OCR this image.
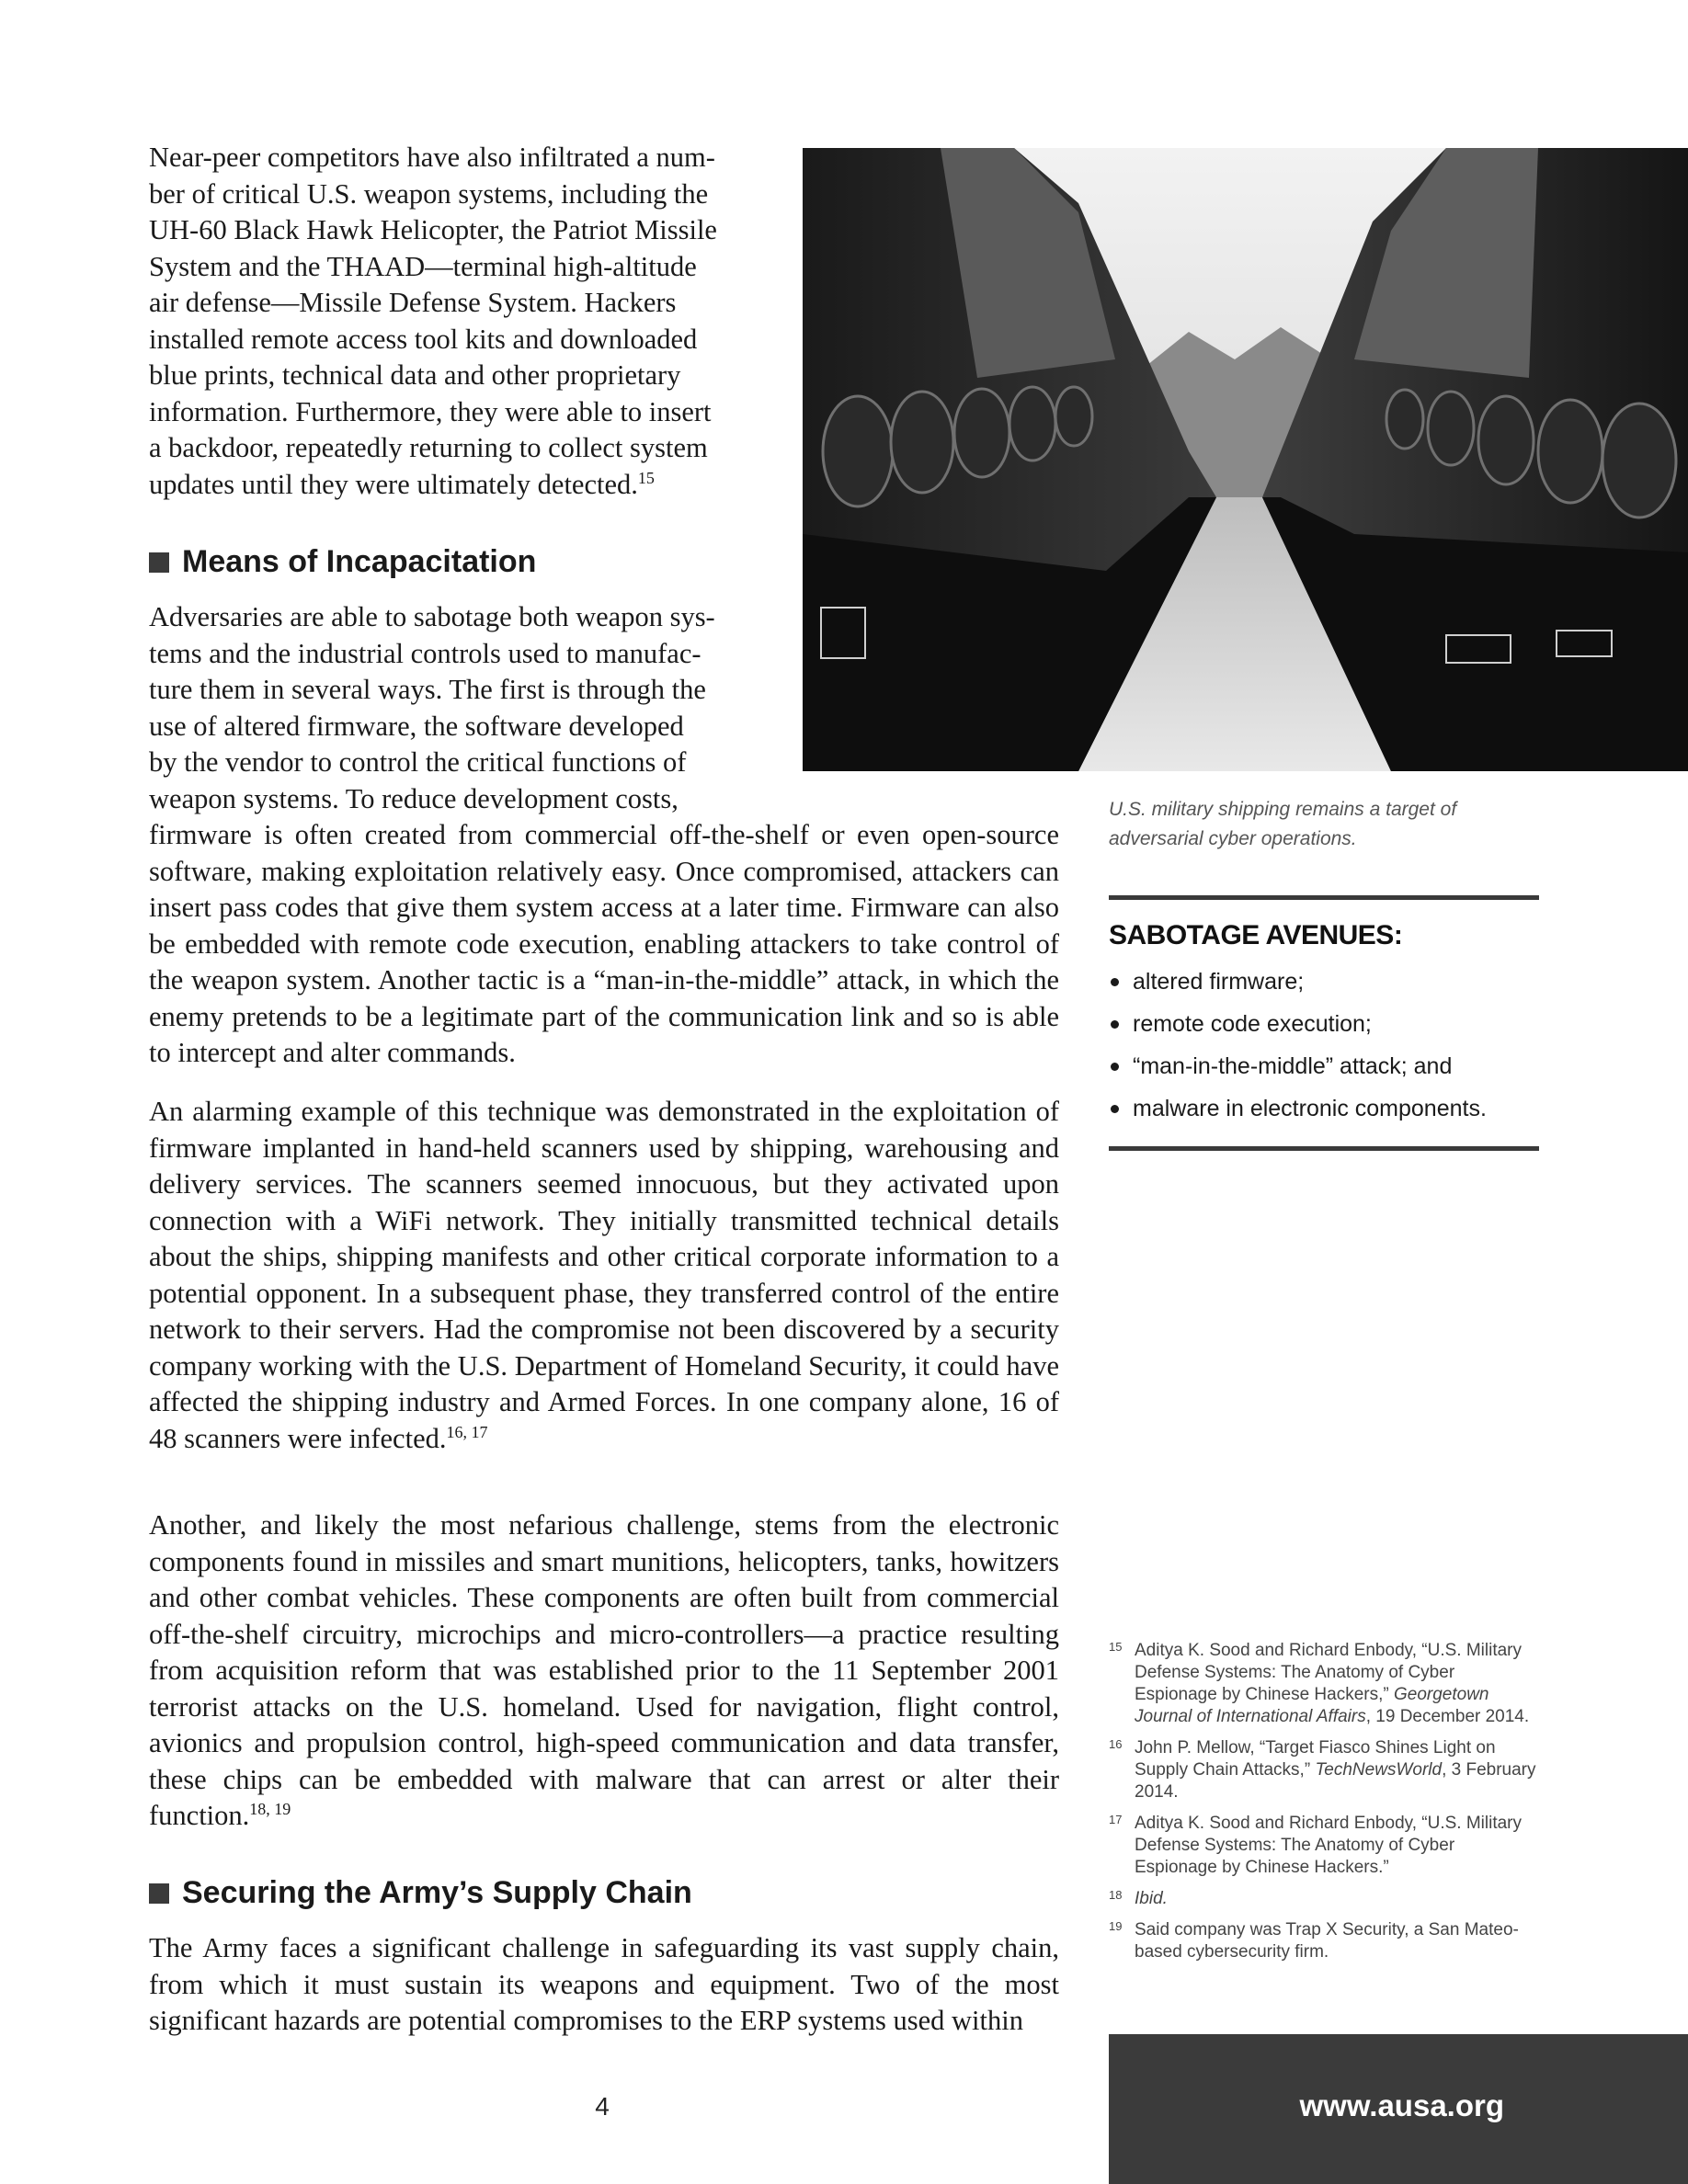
Near-peer competitors have also infiltrated a num-
ber of critical U.S. weapon systems, including the
UH-60 Black Hawk Helicopter, the Patriot Missile
System and the THAAD—terminal high-altitude
air defense—Missile Defense System. Hackers
installed remote access tool kits and downloaded
blue prints, technical data and other proprietary
information. Furthermore, they were able to insert
a backdoor, repeatedly returning to collect system
updates until they were ultimately detected.$^{15}$

Means of Incapacitation

Adversaries are able to sabotage both weapon sys-
tems and the industrial controls used to manufac-
ture them in several ways. The first is through the
use of altered firmware, the software developed
by the vendor to control the critical functions of
weapon systems. To reduce development costs,

firmware is often created from commercial off-the-shelf or even open-source software, making exploitation relatively easy. Once compromised, attackers can insert pass codes that give them system access at a later time. Firmware can also be embedded with remote code execution, enabling attackers to take control of the weapon system. Another tactic is a “man-in-the-middle” attack, in which the enemy pretends to be a legitimate part of the communication link and so is able to intercept and alter commands.

An alarming example of this technique was demonstrated in the exploitation of firmware implanted in hand-held scanners used by shipping, warehousing and delivery services. The scanners seemed innocuous, but they activated upon connection with a WiFi network. They initially transmitted technical details about the ships, shipping manifests and other critical corporate information to a potential opponent. In a subsequent phase, they transferred control of the entire network to their servers. Had the compromise not been discovered by a security company working with the U.S. Department of Homeland Security, it could have affected the shipping industry and Armed Forces. In one company alone, 16 of 48 scanners were infected.$^{16, 17}$

Another, and likely the most nefarious challenge, stems from the electronic components found in missiles and smart munitions, helicopters, tanks, howitzers and other combat vehicles. These components are often built from commercial off-the-shelf circuitry, microchips and micro-controllers—a practice resulting from acquisition reform that was established prior to the 11 September 2001 terrorist attacks on the U.S. homeland. Used for navigation, flight control, avionics and propulsion control, high-speed communication and data transfer, these chips can be embedded with malware that can arrest or alter their function.$^{18, 19}$

Securing the Army’s Supply Chain

The Army faces a significant challenge in safeguarding its vast supply chain, from which it must sustain its weapons and equipment. Two of the most significant hazards are potential compromises to the ERP systems used within

U.S. military shipping remains a target of adversarial cyber operations.
SABOTAGE AVENUES:
altered firmware;
remote code execution;
“man-in-the-middle” attack; and
malware in electronic components.
15 Aditya K. Sood and Richard Enbody, “U.S. Military Defense Systems: The Anatomy of Cyber Espionage by Chinese Hackers,” Georgetown Journal of International Affairs, 19 December 2014.
16 John P. Mellow, “Target Fiasco Shines Light on Supply Chain Attacks,” TechNewsWorld, 3 February 2014.
17 Aditya K. Sood and Richard Enbody, “U.S. Military Defense Systems: The Anatomy of Cyber Espionage by Chinese Hackers.”
18 Ibid.
19 Said company was Trap X Security, a San Mateo-based cybersecurity firm.
4	www.ausa.org
